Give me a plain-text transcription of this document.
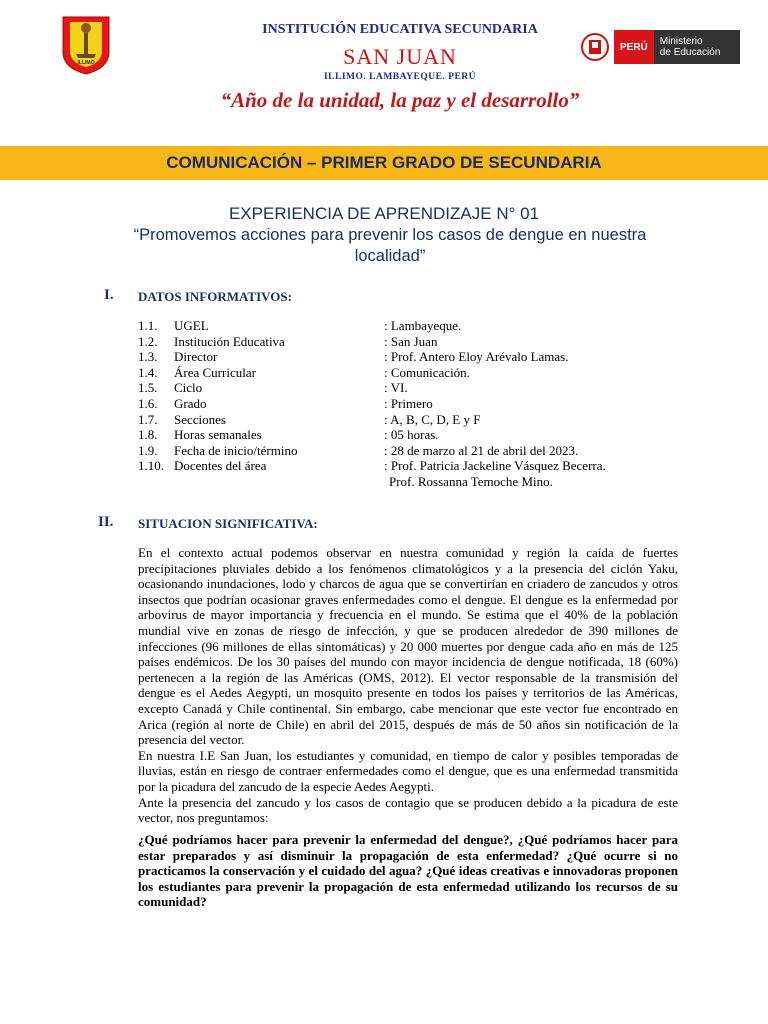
ILLIMO
INSTITUCIÓN EDUCATIVA SECUNDARIA
SAN JUAN
ILLIMO. LAMBAYEQUE. PERÚ
“Año de la unidad, la paz y el desarrollo”
PERÚ	Ministerio
de Educación
COMUNICACIÓN – PRIMER GRADO DE SECUNDARIA
EXPERIENCIA DE APRENDIZAJE N° 01
“Promovemos acciones para prevenir los casos de dengue en nuestra localidad”
I. DATOS INFORMATIVOS:
1.1.	UGEL	: Lambayeque.
1.2.	Institución Educativa	: San Juan
1.3.	Director	: Prof. Antero Eloy Arévalo Lamas.
1.4.	Área Curricular	: Comunicación.
1.5.	Ciclo	: VI.
1.6.	Grado	: Primero
1.7.	Secciones	: A, B, C, D, E y F
1.8.	Horas semanales	: 05 horas.
1.9.	Fecha de inicio/término	: 28 de marzo al 21 de abril del 2023.
1.10. Docentes del área	: Prof. Patricia Jackeline Vásquez Becerra.
Prof. Rossanna Temoche Mino.
II. SITUACION SIGNIFICATIVA:

En el contexto actual podemos observar en nuestra comunidad y región la caída de fuertes precipitaciones pluviales debido a los fenómenos climatológicos y a la presencia del ciclón Yaku, ocasionando inundaciones, lodo y charcos de agua que se convertirían en criadero de zancudos y otros insectos que podrían ocasionar graves enfermedades como el dengue. El dengue es la enfermedad por arbovirus de mayor importancia y frecuencia en el mundo. Se estima que el 40% de la población mundial vive en zonas de riesgo de infección, y que se producen alrededor de 390 millones de infecciones (96 millones de ellas sintomáticas) y 20 000 muertes por dengue cada año en más de 125 países endémicos. De los 30 países del mundo con mayor incidencia de dengue notificada, 18 (60%) pertenecen a la región de las Américas (OMS, 2012). El vector responsable de la transmisión del dengue es el Aedes Aegypti, un mosquito presente en todos los países y territorios de las Américas, excepto Canadá y Chile continental. Sin embargo, cabe mencionar que este vector fue encontrado en Arica (región al norte de Chile) en abril del 2015, después de más de 50 años sin notificación de la presencia del vector.

En nuestra I.E San Juan, los estudiantes y comunidad, en tiempo de calor y posibles temporadas de lluvias, están en riesgo de contraer enfermedades como el dengue, que es una enfermedad transmitida por la picadura del zancudo de la especie Aedes Aegypti.

Ante la presencia del zancudo y los casos de contagio que se producen debido a la picadura de este vector, nos preguntamos:

¿Qué podríamos hacer para prevenir la enfermedad del dengue?, ¿Qué podríamos hacer para estar preparados y así disminuir la propagación de esta enfermedad? ¿Qué ocurre si no practicamos la conservación y el cuidado del agua? ¿Qué ideas creativas e innovadoras proponen los estudiantes para prevenir la propagación de esta enfermedad utilizando los recursos de su comunidad?
